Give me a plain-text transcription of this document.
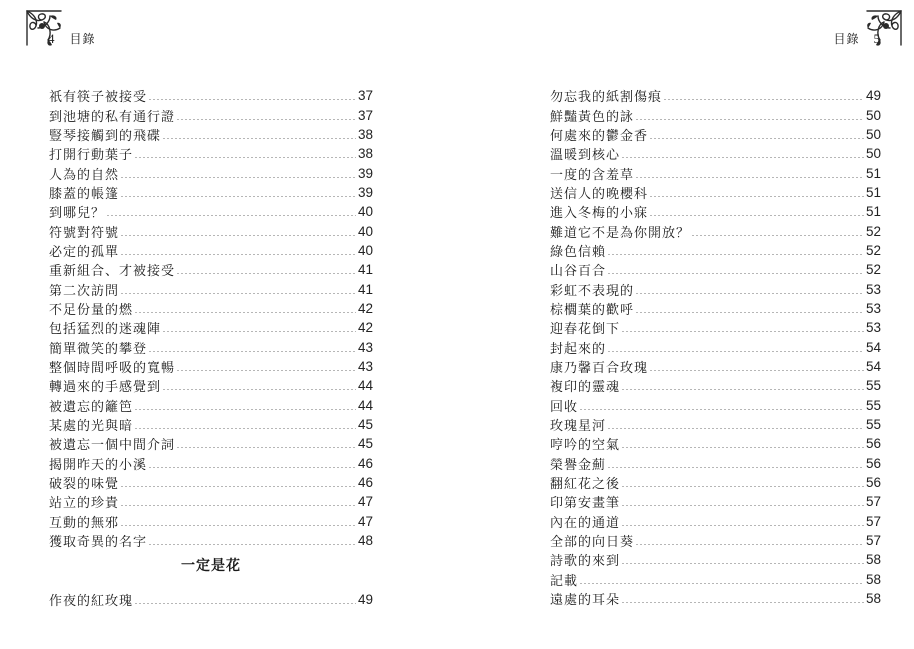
4 目錄
祇有筷子被接受	37
到池塘的私有通行證	37
豎琴接觸到的飛碟	38
打開行動葉子	38
人為的自然	39
膝蓋的帳篷	39
到哪兒？	40
符號對符號	40
必定的孤單	40
重新組合、才被接受	41
第二次訪問	41
不足份量的燃	42
包括猛烈的迷魂陣	42
簡單微笑的攀登	43
整個時間呼吸的寬暢	43
轉過來的手感覺到	44
被遺忘的籬笆	44
某處的光與暗	45
被遺忘一個中間介詞	45
揭開昨天的小溪	46
破裂的味覺	46
站立的珍貴	47
互動的無邪	47
獲取奇異的名字	48
一定是花
作夜的紅玫瑰	49
目錄 5
勿忘我的紙割傷痕	49
鮮豔黃色的詠	50
何處來的鬱金香	50
溫暖到核心	50
一度的含羞草	51
送信人的晚櫻科	51
進入冬梅的小寐	51
難道它不是為你開放？	52
綠色信賴	52
山谷百合	52
彩虹不表現的	53
棕櫚葉的歡呼	53
迎春花倒下	53
封起來的	54
康乃馨百合玫瑰	54
複印的靈魂	55
回收	55
玫瑰星河	55
哼吟的空氣	56
榮譽金薊	56
翻紅花之後	56
印第安畫筆	57
內在的通道	57
全部的向日葵	57
詩歌的來到	58
記載	58
遠處的耳朵	58
